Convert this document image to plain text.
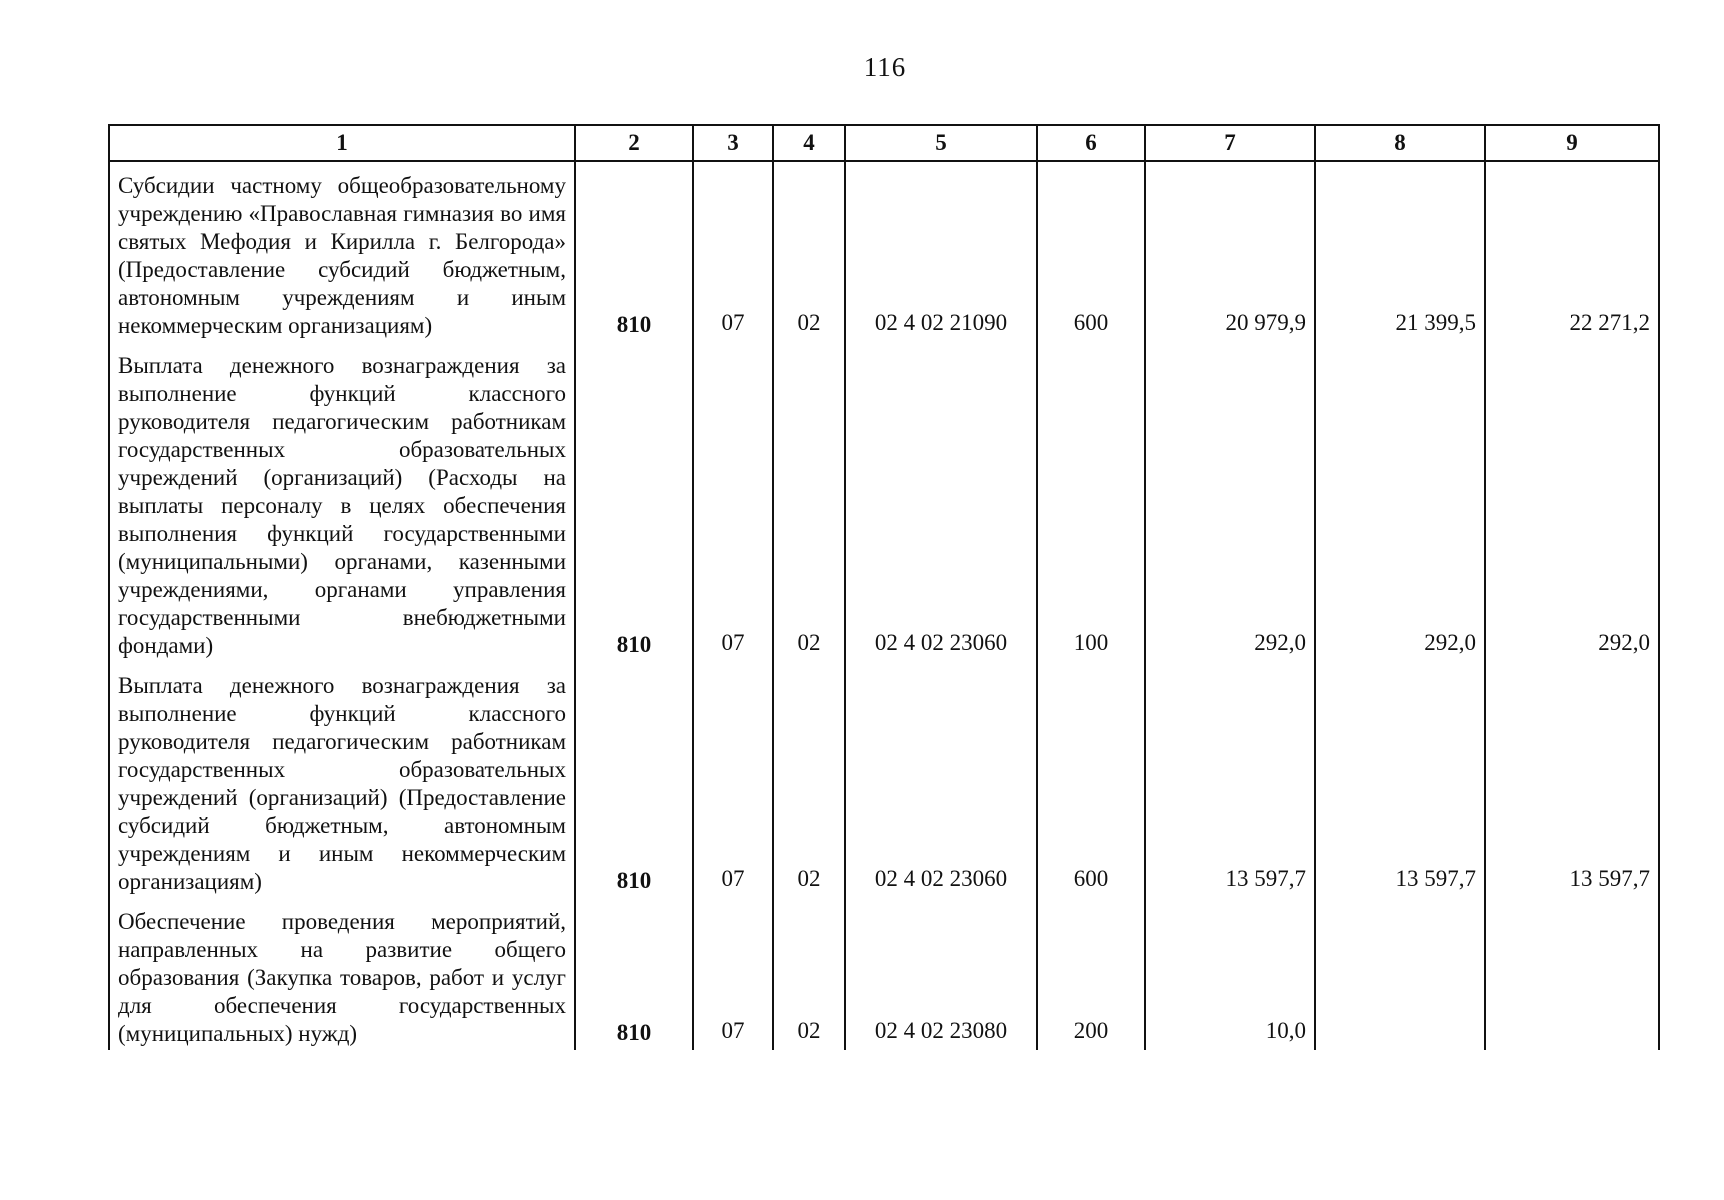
116
1	2	3	4	5	6	7	8	9
Субсидии частному общеобразовательному учреждению «Православная гимназия во имя святых Мефодия и Кирилла г. Белгорода» (Предоставление субсидий бюджетным, автономным учреждениям и иным некоммерческим организациям)	810	07	02	02 4 02 21090	600	20 979,9	21 399,5	22 271,2
Выплата денежного вознаграждения за выполнение функций классного руководителя педагогическим работникам государственных образовательных учреждений (организаций) (Расходы на выплаты персоналу в целях обеспечения выполнения функций государственными (муниципальными) органами, казенными учреждениями, органами управления государственными внебюджетными фондами)	810	07	02	02 4 02 23060	100	292,0	292,0	292,0
Выплата денежного вознаграждения за выполнение функций классного руководителя педагогическим работникам государственных образовательных учреждений (организаций) (Предоставление субсидий бюджетным, автономным учреждениям и иным некоммерческим организациям)	810	07	02	02 4 02 23060	600	13 597,7	13 597,7	13 597,7
Обеспечение проведения мероприятий, направленных на развитие общего образования (Закупка товаров, работ и услуг для обеспечения государственных (муниципальных) нужд)	810	07	02	02 4 02 23080	200	10,0		
